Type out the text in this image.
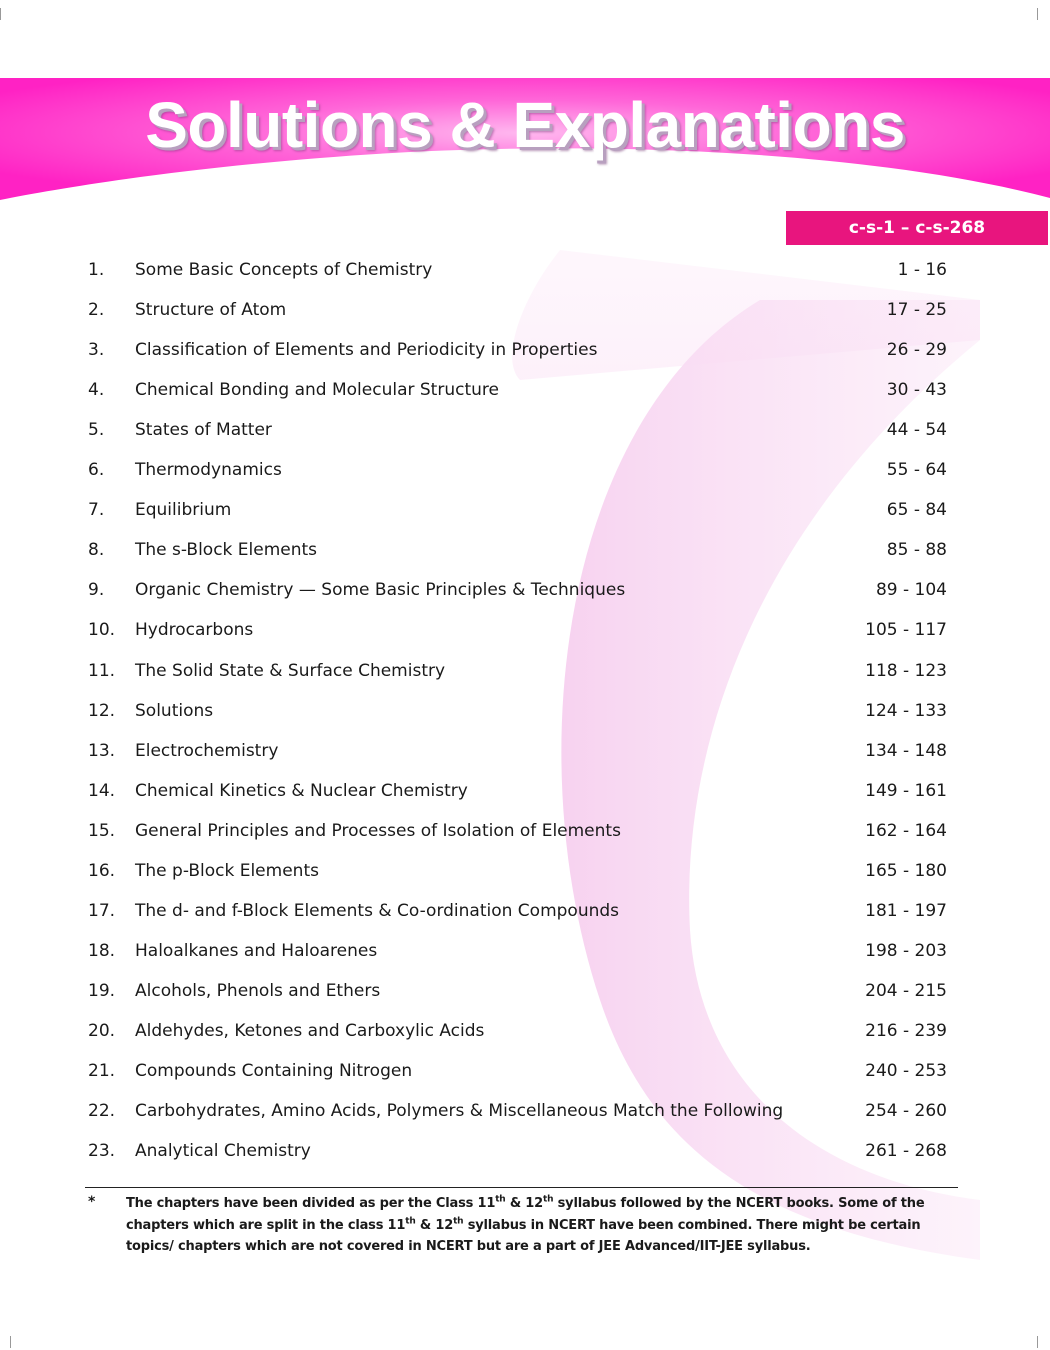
Solutions & Explanations
c-s-1 – c-s-268
1. Some Basic Concepts of Chemistry	1 - 16
2. Structure of Atom	17 - 25
3. Classification of Elements and Periodicity in Properties	26 - 29
4. Chemical Bonding and Molecular Structure	30 - 43
5. States of Matter	44 - 54
6. Thermodynamics	55 - 64
7. Equilibrium	65 - 84
8. The s-Block Elements	85 - 88
9. Organic Chemistry — Some Basic Principles & Techniques	89 - 104
10. Hydrocarbons	105 - 117
11. The Solid State & Surface Chemistry	118 - 123
12. Solutions	124 - 133
13. Electrochemistry	134 - 148
14. Chemical Kinetics & Nuclear Chemistry	149 - 161
15. General Principles and Processes of Isolation of Elements	162 - 164
16. The p-Block Elements	165 - 180
17. The d- and f-Block Elements & Co-ordination Compounds	181 - 197
18. Haloalkanes and Haloarenes	198 - 203
19. Alcohols, Phenols and Ethers	204 - 215
20. Aldehydes, Ketones and Carboxylic Acids	216 - 239
21. Compounds Containing Nitrogen	240 - 253
22. Carbohydrates, Amino Acids, Polymers & Miscellaneous Match the Following	254 - 260
23. Analytical Chemistry	261 - 268
* The chapters have been divided as per the Class 11th & 12th syllabus followed by the NCERT books. Some of the chapters which are split in the class 11th & 12th syllabus in NCERT have been combined. There might be certain topics/ chapters which are not covered in NCERT but are a part of JEE Advanced/IIT-JEE syllabus.
